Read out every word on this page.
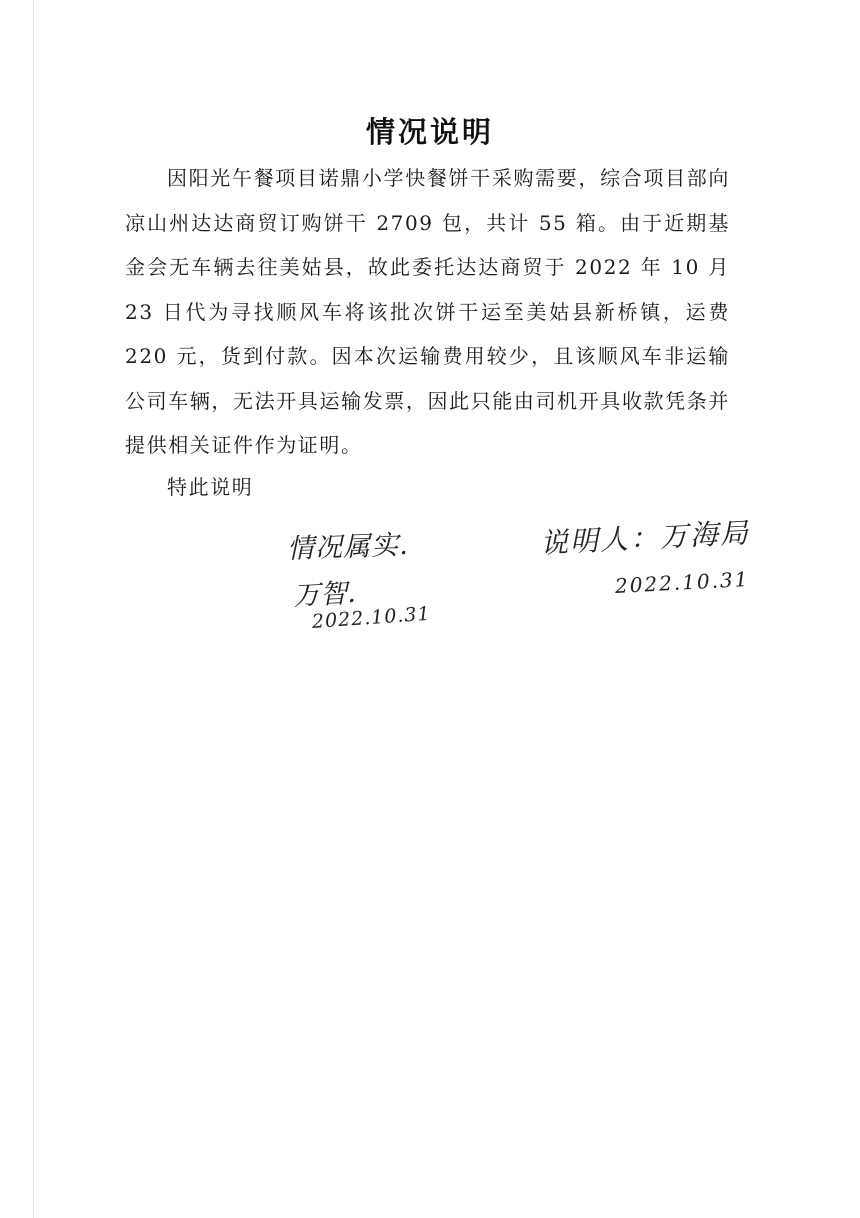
情况说明

因阳光午餐项目诺鼎小学快餐饼干采购需要，综合项目部向凉山州达达商贸订购饼干 2709 包，共计 55 箱。由于近期基金会无车辆去往美姑县，故此委托达达商贸于 2022 年 10 月 23 日代为寻找顺风车将该批次饼干运至美姑县新桥镇，运费 220 元，货到付款。因本次运输费用较少，且该顺风车非运输公司车辆，无法开具运输发票，因此只能由司机开具收款凭条并提供相关证件作为证明。

特此说明
情况属实.
万智.
2022.10.31
说明人：万海局
2022.10.31
